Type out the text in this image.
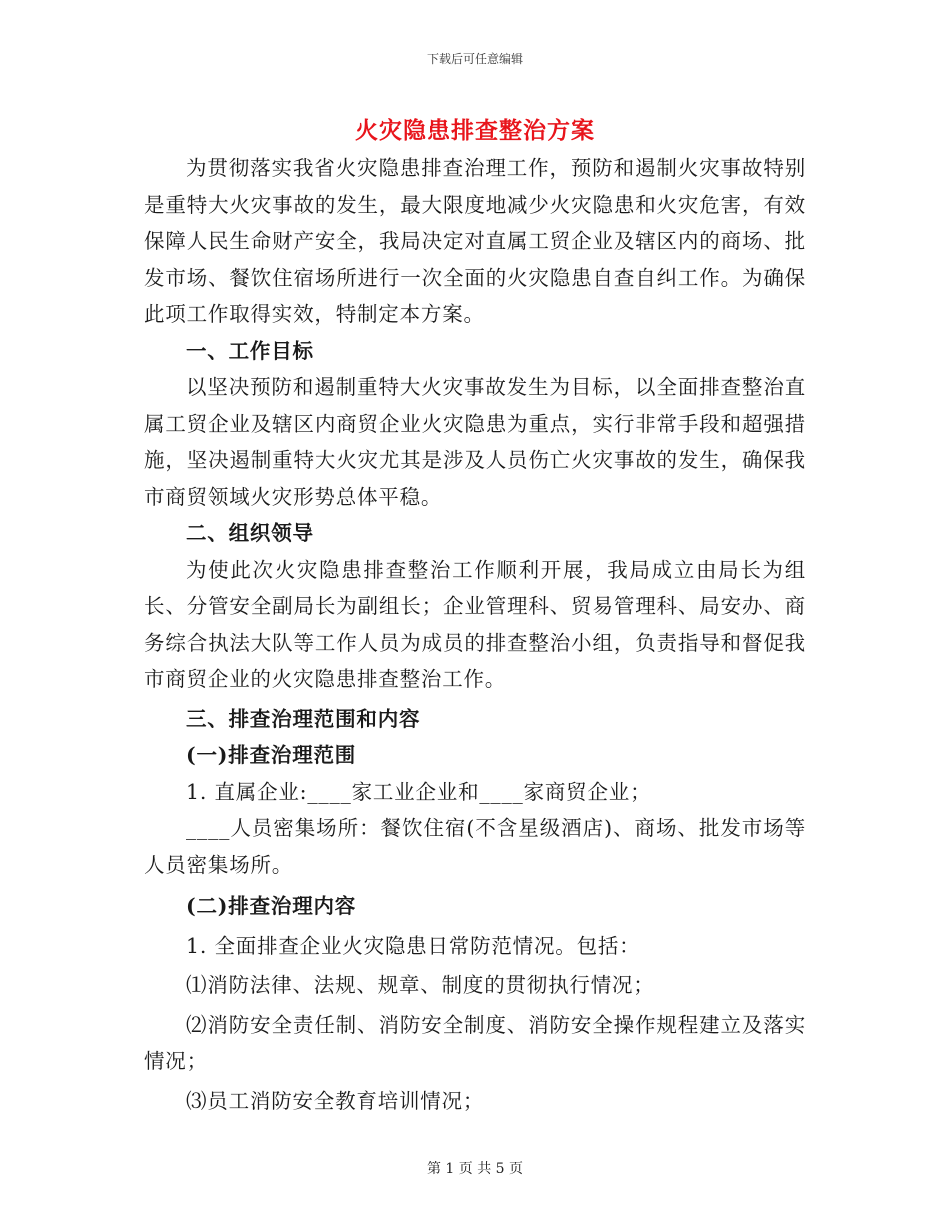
下载后可任意编辑
火灾隐患排查整治方案

为贯彻落实我省火灾隐患排查治理工作，预防和遏制火灾事故特别是重特大火灾事故的发生，最大限度地减少火灾隐患和火灾危害，有效保障人民生命财产安全，我局决定对直属工贸企业及辖区内的商场、批发市场、餐饮住宿场所进行一次全面的火灾隐患自查自纠工作。为确保此项工作取得实效，特制定本方案。

一、工作目标

以坚决预防和遏制重特大火灾事故发生为目标，以全面排查整治直属工贸企业及辖区内商贸企业火灾隐患为重点，实行非常手段和超强措施，坚决遏制重特大火灾尤其是涉及人员伤亡火灾事故的发生，确保我市商贸领域火灾形势总体平稳。

二、组织领导

为使此次火灾隐患排查整治工作顺利开展，我局成立由局长为组长、分管安全副局长为副组长；企业管理科、贸易管理科、局安办、商务综合执法大队等工作人员为成员的排查整治小组，负责指导和督促我市商贸企业的火灾隐患排查整治工作。

三、排查治理范围和内容

(一)排查治理范围

1. 直属企业:____家工业企业和____家商贸企业；

____人员密集场所：餐饮住宿(不含星级酒店)、商场、批发市场等人员密集场所。

(二)排查治理内容

1. 全面排查企业火灾隐患日常防范情况。包括：

⑴消防法律、法规、规章、制度的贯彻执行情况；

⑵消防安全责任制、消防安全制度、消防安全操作规程建立及落实情况；

⑶员工消防安全教育培训情况；

第 1 页 共 5 页
